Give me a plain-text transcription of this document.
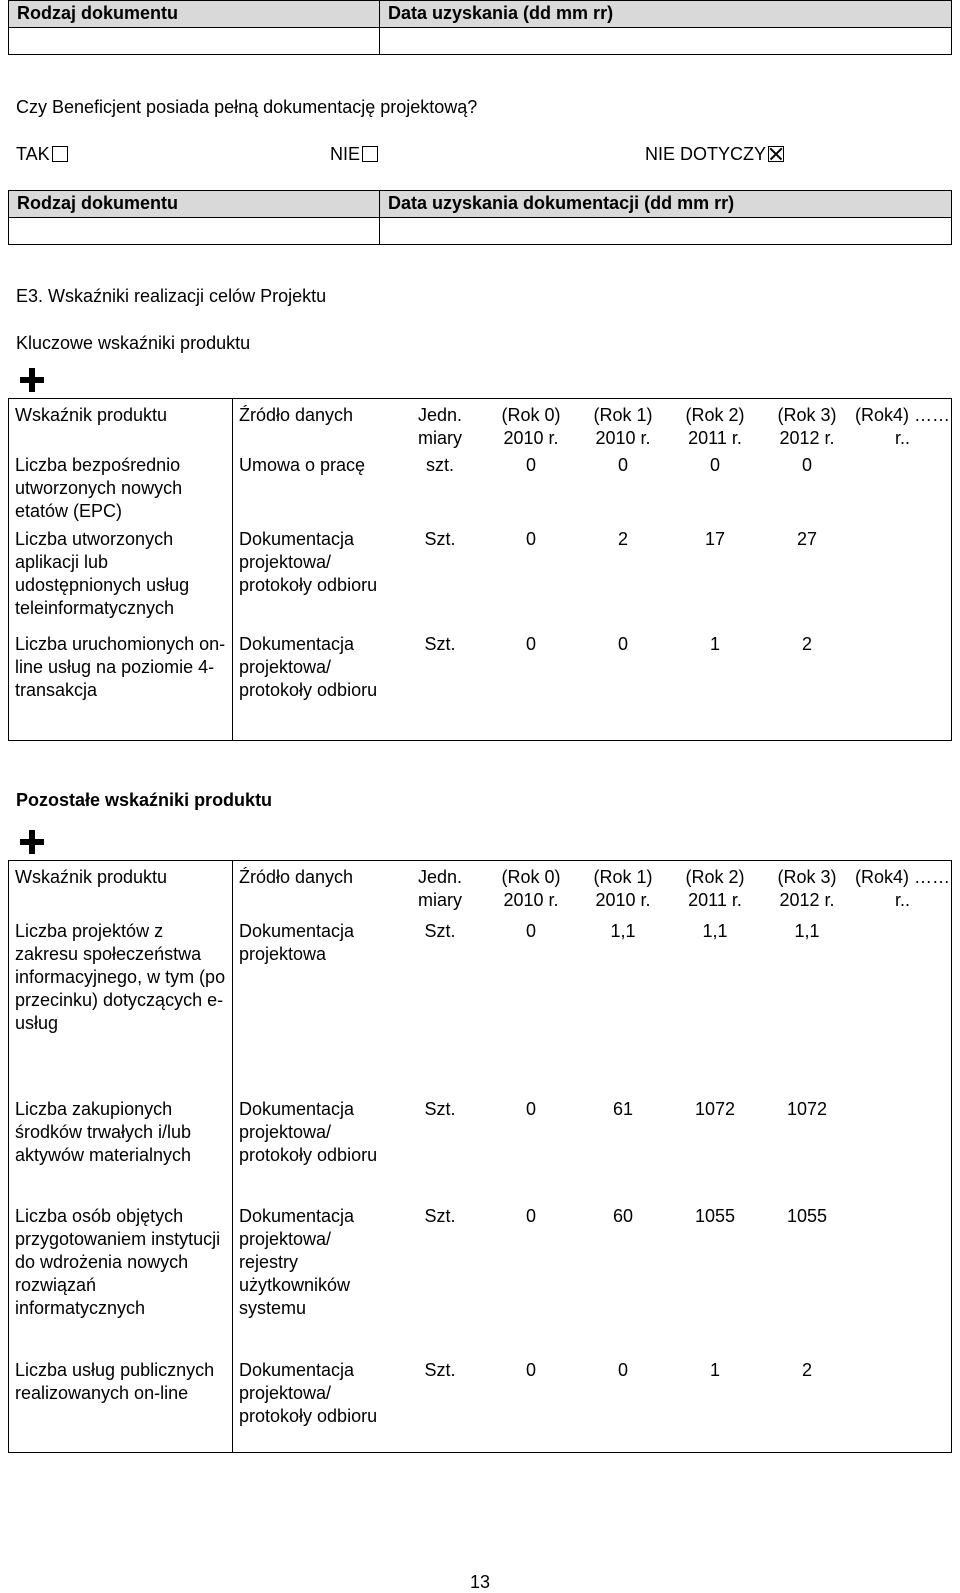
Rodzaj dokumentu	Data uzyskania (dd mm rr)

Czy Beneficjent posiada pełną dokumentację projektową?
TAK	NIE	NIE DOTYCZY
Rodzaj dokumentu	Data uzyskania dokumentacji (dd mm rr)

E3. Wskaźniki realizacji celów Projektu
Kluczowe wskaźniki produktu
Wskaźnik produktu	Źródło danych	Jedn. miary	(Rok 0) 2010 r.	(Rok 1) 2010 r.	(Rok 2) 2011 r.	(Rok 3) 2012 r.	(Rok4) ……r..
Liczba bezpośrednio utworzonych nowych etatów (EPC)	Umowa o pracę	szt.	0	0	0	0	
Liczba utworzonych aplikacji lub udostępnionych usług teleinformatycznych	Dokumentacja projektowa/ protokoły odbioru	Szt.	0	2	17	27	
Liczba uruchomionych on-line usług na poziomie 4-transakcja	Dokumentacja projektowa/ protokoły odbioru	Szt.	0	0	1	2	
Pozostałe wskaźniki produktu
Wskaźnik produktu	Źródło danych	Jedn. miary	(Rok 0) 2010 r.	(Rok 1) 2010 r.	(Rok 2) 2011 r.	(Rok 3) 2012 r.	(Rok4) ……r..
Liczba projektów z zakresu społeczeństwa informacyjnego, w tym (po przecinku) dotyczących e-usług	Dokumentacja projektowa	Szt.	0	1,1	1,1	1,1	
Liczba zakupionych środków trwałych i/lub aktywów materialnych	Dokumentacja projektowa/ protokoły odbioru	Szt.	0	61	1072	1072	
Liczba osób objętych przygotowaniem instytucji do wdrożenia nowych rozwiązań informatycznych	Dokumentacja projektowa/ rejestry użytkowników systemu	Szt.	0	60	1055	1055	
Liczba usług publicznych realizowanych on-line	Dokumentacja projektowa/ protokoły odbioru	Szt.	0	0	1	2	
13
